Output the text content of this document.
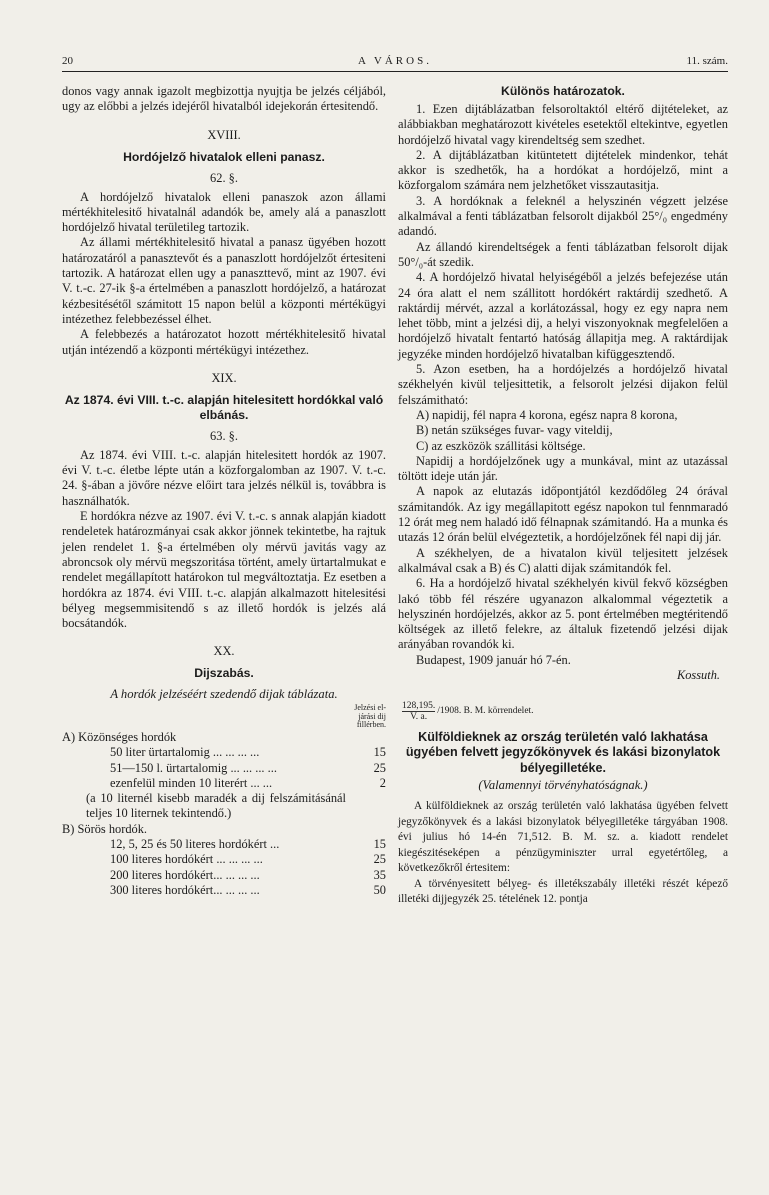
20	A VÁROS.	11. szám.

donos vagy annak igazolt megbizottja nyujtja be jelzés céljából, ugy az előbbi a jelzés idejéről hivatalból idejekorán értesitendő.

XVIII.

Hordójelző hivatalok elleni panasz.

62. §.

A hordójelző hivatalok elleni panaszok azon állami mértékhitelesitő hivatalnál adandók be, amely alá a panaszlott hordójelző hivatal területileg tartozik.

Az állami mértékhitelesitő hivatal a panasz ügyében hozott határozatáról a panasztevőt és a panaszlott hordójelzőt értesiteni tartozik. A határozat ellen ugy a panaszttevő, mint az 1907. évi V. t.-c. 27-ik §-a értelmében a panaszlott hordójelző, a határozat kézbesitésétől számitott 15 napon belül a központi mértékügyi intézethez felebbezéssel élhet.

A felebbezés a határozatot hozott mértékhitelesitő hivatal utján intézendő a központi mértékügyi intézethez.

XIX.

Az 1874. évi VIII. t.-c. alapján hitelesitett hordókkal való elbánás.

63. §.

Az 1874. évi VIII. t.-c. alapján hitelesitett hordók az 1907. évi V. t.-c. életbe lépte után a közforgalomban az 1907. V. t.-c. 24. §-ában a jövőre nézve előirt tara jelzés nélkül is, továbbra is használhatók.

E hordókra nézve az 1907. évi V. t.-c. s annak alapján kiadott rendeletek határozmányai csak akkor jönnek tekintetbe, ha rajtuk jelen rendelet 1. §-a értelmében oly mérvü javitás vagy az abroncsok oly mérvü megszoritása történt, amely ürtartalmukat e rendelet megállapított határokon tul megváltoztatja. Ez esetben a hordókra az 1874. évi VIII. t.-c. alapján alkalmazott hitelesitési bélyeg megsemmisitendő s az illető hordók is jelzés alá bocsátandók.

XX.

Dijszabás.

A hordók jelzéséért szedendő dijak táblázata.

Jelzési el-járási dij fillérben.
A) Közönséges hordók
50 liter ürtartalomig ... ... ... ...	15
51—150 l. ürtartalomig ... ... ... ...	25
ezenfelül minden 10 literért ... ...	2
(a 10 liternél kisebb maradék a dij felszámitásánál teljes 10 liternek tekintendő.)
B) Sörös hordók.
12, 5, 25 és 50 literes hordókért ...	15
100 literes hordókért ... ... ... ...	25
200 literes hordókért... ... ... ...	35
300 literes hordókért... ... ... ...	50

Különös határozatok.

1. Ezen dijtáblázatban felsoroltaktól eltérő dijtételeket, az alábbiakban meghatározott kivételes esetektől eltekintve, egyetlen hordójelző hivatal vagy kirendeltség sem szedhet.

2. A dijtáblázatban kitüntetett dijtételek mindenkor, tehát akkor is szedhetők, ha a hordókat a hordójelző, mint a közforgalom számára nem jelzhetőket visszautasitja.

3. A hordóknak a feleknél a helyszinén végzett jelzése alkalmával a fenti táblázatban felsorolt dijakból 25°/₀ engedmény adandó.

Az állandó kirendeltségek a fenti táblázatban felsorolt dijak 50°/₀-át szedik.

4. A hordójelző hivatal helyiségéből a jelzés befejezése után 24 óra alatt el nem szállitott hordókért raktárdij szedhető. A raktárdij mérvét, azzal a korlátozással, hogy ez egy napra nem lehet több, mint a jelzési dij, a helyi viszonyoknak megfelelően a hordójelző hivatalt fentartó hatóság állapitja meg. A raktárdijak jegyzéke minden hordójelző hivatalban kifüggesztendő.

5. Azon esetben, ha a hordójelzés a hordójelző hivatal székhelyén kivül teljesittetik, a felsorolt jelzési dijakon felül felszámitható:

A) napidij, fél napra 4 korona, egész napra 8 korona,

B) netán szükséges fuvar- vagy viteldij,

C) az eszközök szállitási költsége.

Napidij a hordójelzőnek ugy a munkával, mint az utazással töltött ideje után jár.

A napok az elutazás időpontjától kezdődőleg 24 órával számitandók. Az igy megállapitott egész napokon tul fennmaradó 12 órát meg nem haladó idő félnapnak számitandó. Ha a munka és utazás 12 órán belül elvégeztetik, a hordójelzőnek fél napi dij jár.

A székhelyen, de a hivatalon kivül teljesitett jelzések alkalmával csak a B) és C) alatti dijak számitandók fel.

6. Ha a hordójelző hivatal székhelyén kivül fekvő községben lakó több fél részére ugyanazon alkalommal végeztetik a helyszinén hordójelzés, akkor az 5. pont értelmében megtéritendő költségek az illető felekre, az általuk fizetendő jelzési dijak arányában rovandók ki.

Budapest, 1909 január hó 7-én.

Kossuth.
$\frac{128,195.}{V. a.} /1908$. B. M. körrendelet.

Külföldieknek az ország területén való lakhatása ügyében felvett jegyzőkönyvek és lakási bizonylatok bélyegilletéke.

(Valamennyi törvényhatóságnak.)

A külföldieknek az ország területén való lakhatása ügyében felvett jegyzőkönyvek és a lakási bizonylatok bélyegilletéke tárgyában 1908. évi julius hó 14-én 71,512. B. M. sz. a. kiadott rendelet kiegészitéseképen a pénzügyminiszter urral egyetértőleg, a következőkről értesitem:

A törvényesitett bélyeg- és illetékszabály illetéki részét képező illetéki dijjegyzék 25. tételének 12. pontja
